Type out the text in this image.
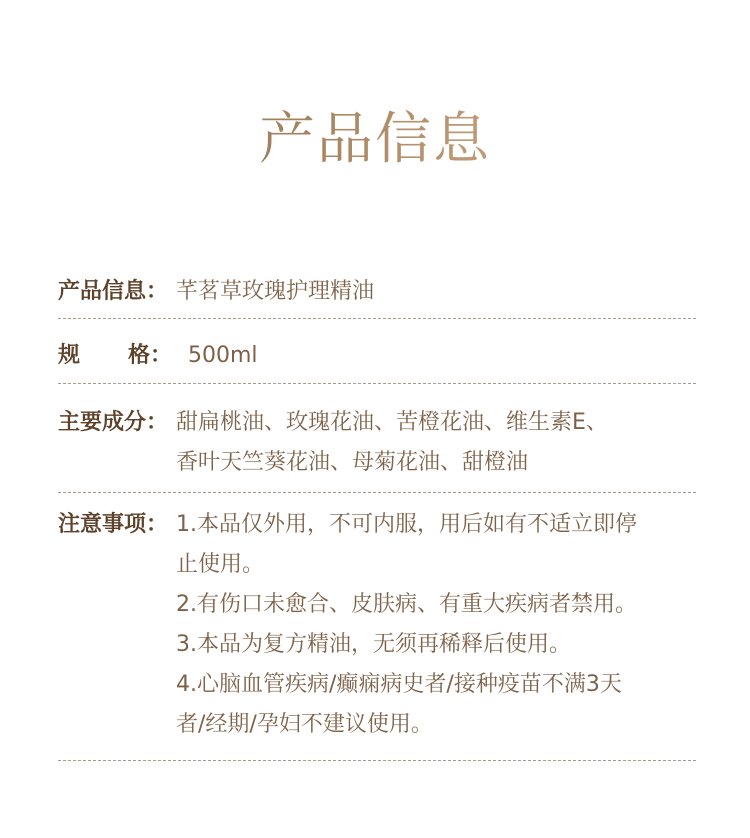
产品信息
产品信息： 芊茗草玫瑰护理精油
规 格： 500ml
主要成分： 甜扁桃油、玫瑰花油、苦橙花油、维生素E、
香叶天竺葵花油、母菊花油、甜橙油
注意事项： 1.本品仅外用，不可内服，用后如有不适立即停
止使用。
2.有伤口未愈合、皮肤病、有重大疾病者禁用。
3.本品为复方精油，无须再稀释后使用。
4.心脑血管疾病/癫痫病史者/接种疫苗不满3天
者/经期/孕妇不建议使用。
